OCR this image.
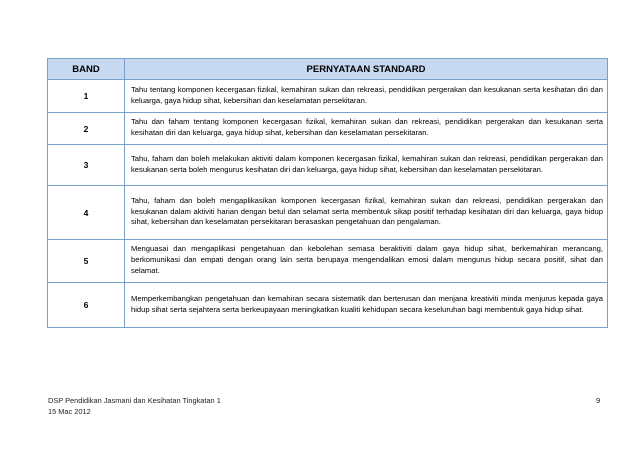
BAND	PERNYATAAN STANDARD
1	Tahu tentang komponen kecergasan fizikal, kemahiran sukan dan rekreasi, pendidikan pergerakan dan kesukanan serta kesihatan diri dan keluarga, gaya hidup sihat, kebersihan dan keselamatan persekitaran.
2	Tahu dan faham tentang komponen kecergasan fizikal, kemahiran sukan dan rekreasi, pendidikan pergerakan dan kesukanan serta kesihatan diri dan keluarga, gaya hidup sihat, kebersihan dan keselamatan persekitaran.
3	Tahu, faham dan boleh melakukan aktiviti dalam komponen kecergasan fizikal, kemahiran sukan dan rekreasi, pendidikan pergerakan dan kesukanan serta boleh mengurus kesihatan diri dan keluarga, gaya hidup sihat, kebersihan dan keselamatan persekitaran.
4	Tahu, faham dan boleh mengaplikasikan komponen kecergasan fizikal, kemahiran sukan dan rekreasi, pendidikan pergerakan dan kesukanan dalam aktiviti harian dengan betul dan selamat serta membentuk sikap positif terhadap kesihatan diri dan keluarga, gaya hidup sihat, kebersihan dan keselamatan persekitaran berasaskan pengetahuan dan pengalaman.
5	Menguasai dan mengaplikasi pengetahuan dan kebolehan semasa beraktiviti dalam gaya hidup sihat, berkemahiran merancang, berkomunikasi dan empati dengan orang lain serta berupaya mengendalikan emosi dalam mengurus hidup secara positif, sihat dan selamat.
6	Memperkembangkan pengetahuan dan kemahiran secara sistematik dan berterusan dan menjana kreativiti minda menjurus kepada gaya hidup sihat serta sejahtera serta berkeupayaan meningkatkan kualiti kehidupan secara keseluruhan bagi membentuk gaya hidup sihat.
DSP Pendidikan Jasmani dan Kesihatan Tingkatan 1
15 Mac 2012
9
